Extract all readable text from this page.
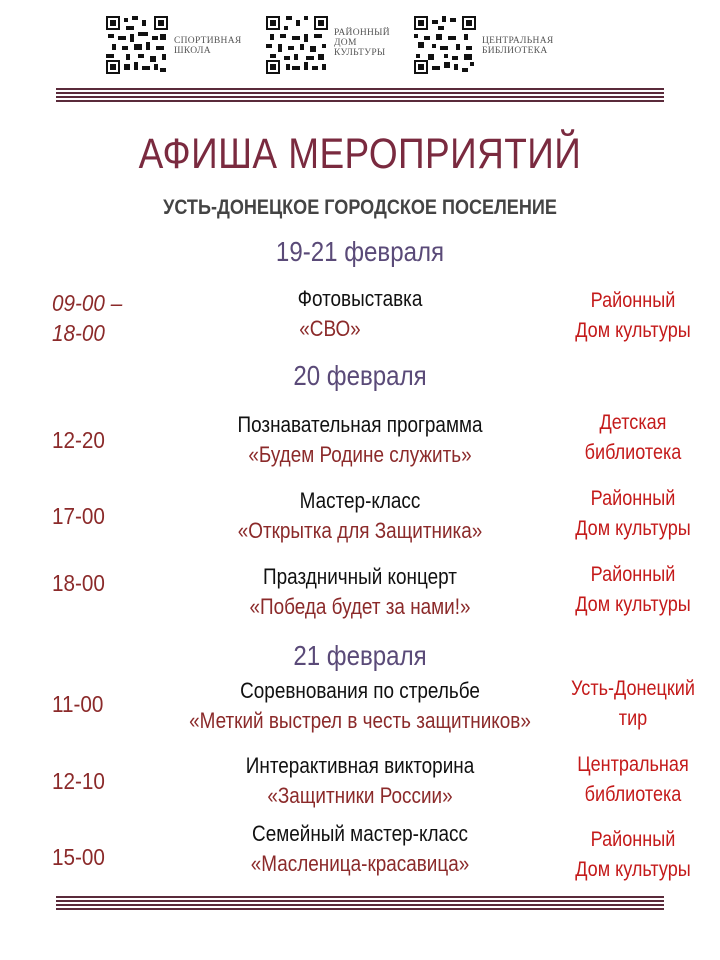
СПОРТИВНАЯ
ШКОЛА
РАЙОННЫЙ
ДОМ
КУЛЬТУРЫ
ЦЕНТРАЛЬНАЯ
БИБЛИОТЕКА
АФИША МЕРОПРИЯТИЙ
УСТЬ-ДОНЕЦКОЕ ГОРОДСКОЕ ПОСЕЛЕНИЕ
19-21 февраля
09-00 –
18-00
Фотовыставка
«СВО»
Районный
Дом культуры
20 февраля
12-20
Познавательная программа
«Будем Родине служить»
Детская
библиотека
17-00
Мастер-класс
«Открытка для Защитника»
Районный
Дом культуры
18-00	Праздничный концерт
«Победа будет за нами!»
Районный
Дом культуры
21 февраля
11-00
Соревнования по стрельбе
«Меткий выстрел в честь защитников»
Усть-Донецкий
тир
12-10
Интерактивная викторина
«Защитники России»
Центральная
библиотека
15-00
Семейный мастер-класс
«Масленица-красавица»
Районный
Дом культуры
